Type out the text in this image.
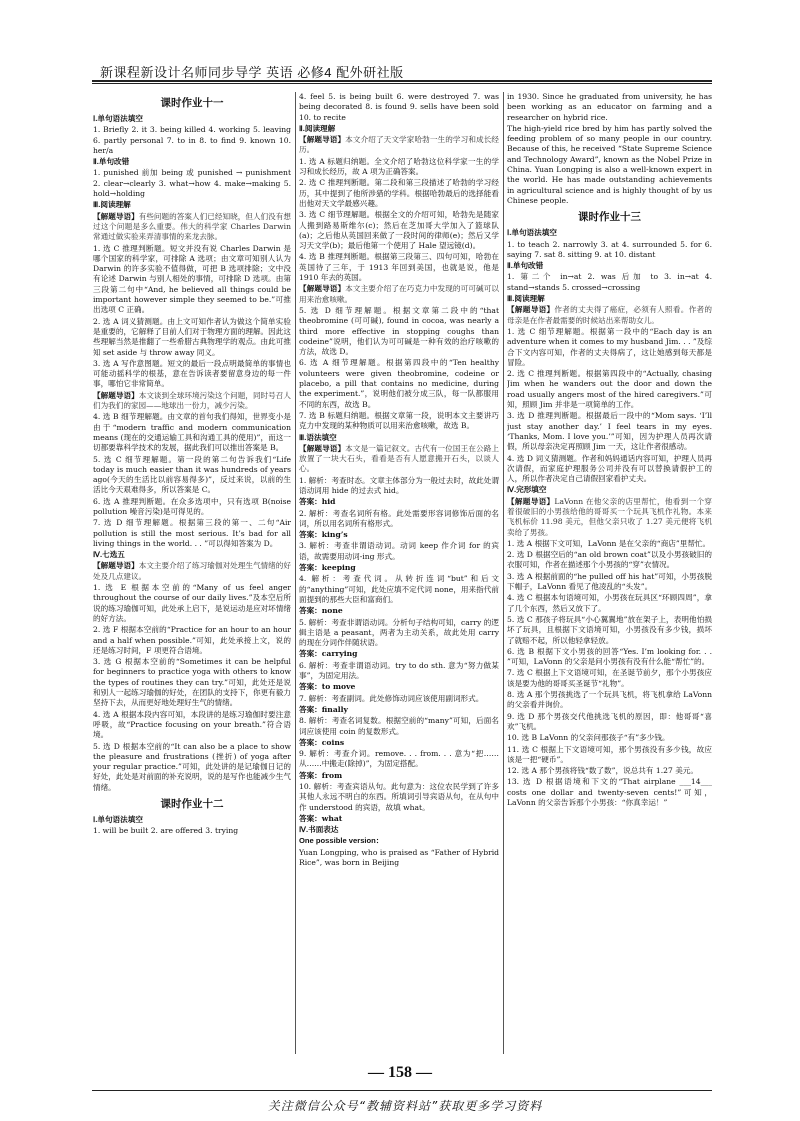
新课程新设计名师同步导学 英语 必修4 配外研社版

课时作业十一

Ⅰ.单句语法填空

1. Briefly 2. it 3. being killed 4. working 5. leaving 6. partly personal 7. to in 8. to find 9. known 10. her/a

Ⅱ.单句改错

1. punished 前加 being 或 punished → punishment 2. clear→clearly 3. what→how 4. make→making 5. hold→holding

Ⅲ.阅读理解

【解题导语】有些问题的答案人们已经知晓，但人们没有想过这个问题是多么重要。伟大的科学家 Charles Darwin 常通过做实验来弄清事情的来龙去脉。

1. 选 C 推理判断题。短文并没有说 Charles Darwin 是哪个国家的科学家，可排除 A 选项；由文章可知别人认为 Darwin 的许多实验不值得做，可把 B 选项排除；文中没有论述 Darwin 与别人相处的事情，可排除 D 选项。由第三段第二句中“And, he believed all things could be important however simple they seemed to be.”可推出选项 C 正确。

2. 选 A 词义猜测题。由上文可知作者认为做这个简单实验是重要的，它解释了目前人们对于物理方面的理解。因此这些理解当然是推翻了一些希腊古典物理学的观点。由此可推知 set aside 与 throw away 同义。

3. 选 A 写作意图题。短文的最后一段点明最简单的事情也可能动摇科学的根基，意在告诉读者要留意身边的每一件事，哪怕它非常简单。

【解题导语】本文谈到全球环境污染这个问题，同时号召人们为我们的家园——地球出一份力，减少污染。

4. 选 B 细节理解题。由文章的首句我们得知，世界变小是由于“modern traffic and modern communication means (现在的交通运输工具和沟通工具的使用)”，而这一切都要靠科学技术的发展，据此我们可以推出答案是 B。

5. 选 C 细节理解题。第一段的第二句告诉我们“Life today is much easier than it was hundreds of years ago(今天的生活比以前容易得多)”，反过来说，以前的生活比今天艰难得多，所以答案是 C。

6. 选 A 推理判断题。在众多选项中，只有选项 B(noise pollution 噪音污染)是可得见的。

7. 选 D 细节理解题。根据第三段的第一、二句“Air pollution is still the most serious. It’s bad for all living things in the world. . . ”可以得知答案为 D。

Ⅳ.七选五

【解题导语】本文主要介绍了练习瑜伽对处理生气情绪的好处及几点建议。

1. 选 E 根据本空前的“Many of us feel anger throughout the course of our daily lives.”及本空后所说的练习瑜伽可知，此处承上启下，是说运动是应对坏情绪的好方法。

2. 选 F 根据本空前的“Practice for an hour to an hour and a half when possible.”可知，此处承接上文，说的还是练习时间，F 项更符合语境。

3. 选 G 根据本空前的“Sometimes it can be helpful for beginners to practice yoga with others to know the types of routines they can try.”可知，此处还是说和别人一起练习瑜伽的好处，在团队的支持下，你更有毅力坚持下去，从而更好地处理好生气的情绪。

4. 选 A 根据本段内容可知，本段讲的是练习瑜伽时要注意呼吸，故“Practice focusing on your breath.”符合语境。

5. 选 D 根据本空前的“It can also be a place to show the pleasure and frustrations (挫折) of yoga after your regular practice.”可知，此处讲的是记瑜伽日记的好处，此处是对前面的补充说明，说的是写作也能减少生气情绪。

课时作业十二

Ⅰ.单句语法填空

1. will be built 2. are offered 3. trying

4. feel 5. is being built 6. were destroyed 7. was being decorated 8. is found 9. sells have been sold 10. to recite

Ⅱ.阅读理解

【解题导语】本文介绍了天文学家哈勃一生的学习和成长经历。

1. 选 A 标题归纳题。全文介绍了哈勃这位科学家一生的学习和成长经历，故 A 项为正确答案。

2. 选 C 推理判断题。第二段和第三段描述了哈勃的学习经历，其中提到了他所涉猎的学科。根据哈勃最后的选择能看出他对天文学最感兴趣。

3. 选 C 细节理解题。根据全文的介绍可知，哈勃先是随家人搬到路易斯维尔(c)；然后在芝加哥大学加入了篮球队(a)；之后他从英国回来做了一段时间的律师(e)；然后又学习天文学(b)；最后他第一个使用了 Hale 望远镜(d)。

4. 选 B 推理判断题。根据第三段第三、四句可知，哈勃在英国待了三年，于 1913 年回到美国，也就是说，他是 1910 年去的英国。

【解题导语】本文主要介绍了在巧克力中发现的可可碱可以用来治愈咳嗽。

5. 选 D 细节理解题。根据文章第二段中的“that theobromine (可可碱), found in cocoa, was nearly a third more effective in stopping coughs than codeine”说明，他们认为可可碱是一种有效的治疗咳嗽的方法，故选 D。

6. 选 A 细节理解题。根据第四段中的“Ten healthy volunteers were given theobromine, codeine or placebo, a pill that contains no medicine, during the experiment.”，说明他们被分成三队，每一队都服用不同的东西，故选 B。

7. 选 B 标题归纳题。根据文章第一段，说明本文主要讲巧克力中发现的某种物质可以用来治愈咳嗽，故选 B。

Ⅲ.语法填空

【解题导语】本文是一篇记叙文。古代有一位国王在公路上放置了一块大石头，看看是否有人愿意搬开石头，以谈人心。

1. 解析：考查时态。文章主体部分为一般过去时，故此处谓语动词用 hide 的过去式 hid。

答案：hid

2. 解析：考查名词所有格。此处需要形容词修饰后面的名词，所以用名词所有格形式。

答案：king’s

3. 解析：考查非谓语动词。动词 keep 作介词 for 的宾语，故需要用动词-ing 形式。

答案：keeping

4. 解析：考查代词。从转折连词“but”和后文的“anything”可知，此处应填不定代词 none，用来指代前面提到的那些大臣和富商们。

答案：none

5. 解析：考查非谓语动词。分析句子结构可知，carry 的逻辑主语是 a peasant，两者为主动关系，故此处用 carry 的现在分词作伴随状语。

答案：carrying

6. 解析：考查非谓语动词。try to do sth. 意为“努力做某事”，为固定用法。

答案：to move

7. 解析：考查副词。此处修饰动词应该使用副词形式。

答案：finally

8. 解析：考查名词复数。根据空前的“many”可知，后面名词应该使用 coin 的复数形式。

答案：coins

9. 解析：考查介词。remove. . . from. . . 意为“把……从……中搬走(除掉)”，为固定搭配。

答案：from

10. 解析：考查宾语从句。此句意为：这位农民学到了许多其他人永远不明白的东西。所填词引导宾语从句，在从句中作 understood 的宾语，故填 what。

答案：what

Ⅳ.书面表达

One possible version：

Yuan Longping, who is praised as “Father of Hybrid Rice”, was born in Beijing

in 1930. Since he graduated from university, he has been working as an educator on farming and a researcher on hybrid rice.

The high-yield rice bred by him has partly solved the feeding problem of so many people in our country. Because of this, he received “State Supreme Science and Technology Award”, known as the Nobel Prize in China. Yuan Longping is also a well-known expert in the world. He has made outstanding achievements in agricultural science and is highly thought of by us Chinese people.

课时作业十三

Ⅰ.单句语法填空

1. to teach 2. narrowly 3. at 4. surrounded 5. for 6. saying 7. sat 8. sitting 9. at 10. distant

Ⅱ.单句改错

1. 第二个 in→at 2. was 后加 to 3. in→at 4. stand→stands 5. crossed→crossing

Ⅲ.阅读理解

【解题导语】作者的丈夫得了癌症，必须有人照看。作者的母亲是在作者最需要的时候站出来帮助女儿。

1. 选 C 细节理解题。根据第一段中的“Each day is an adventure when it comes to my husband Jim. . . ”及综合下文内容可知，作者的丈夫得病了，这让她感到每天都是冒险。

2. 选 C 推理判断题。根据第四段中的“Actually, chasing Jim when he wanders out the door and down the road usually angers most of the hired caregivers.”可知，照顾 Jim 并非是一项简单的工作。

3. 选 D 推理判断题。根据最后一段中的“Mom says. ‘I’ll just stay another day.’ I feel tears in my eyes. ‘Thanks, Mom. I love you.’”可知，因为护理人员再次请假，所以母亲决定再照顾 Jim 一天，这让作者很感动。

4. 选 D 词义猜测题。作者和妈妈通话内容可知，护理人员再次请假，而家庭护理服务公司并没有可以替换请假护工的人，所以作者决定自己请假回家看护丈夫。

Ⅳ.完形填空

【解题导语】LaVonn 在他父亲的店里帮忙，他看到一个穿着很破旧的小男孩给他的哥哥买一个玩具飞机作礼物。本来飞机标价 11.98 美元，但他父亲只收了 1.27 美元便将飞机卖给了男孩。

1. 选 A 根据下文可知，LaVonn 是在父亲的“商店”里帮忙。

2. 选 D 根据空后的“an old brown coat”以及小男孩破旧的衣服可知，作者在描述那个小男孩的“穿”衣情况。

3. 选 A 根据前面的“he pulled off his hat”可知，小男孩脱下帽子，LaVonn 看见了他凌乱的“头发”。

4. 选 C 根据本句语境可知，小男孩在玩具区“环顾四周”，拿了几个东西，然后又放下了。

5. 选 C 那孩子将玩具“小心翼翼地”放在架子上，表明他怕损坏了玩具，且根据下文语境可知，小男孩没有多少钱，损坏了就赔不起，所以他轻拿轻放。

6. 选 B 根据下文小男孩的回答“Yes. I’m looking for. . . ”可知，LaVonn 的父亲是问小男孩有没有什么能“帮忙”的。

7. 选 C 根据上下文语境可知，在圣诞节前夕，那个小男孩应该是要为他的哥哥买圣诞节“礼物”。

8. 选 A 那个男孩挑选了一个玩具飞机，将飞机拿给 LaVonn 的父亲看并询价。

9. 选 D 那个男孩交代他挑选飞机的原因，即：他哥哥“喜欢”飞机。

10. 选 B LaVonn 的父亲问那孩子“有”多少钱。

11. 选 C 根据上下文语境可知，那个男孩没有多少钱，故应该是一把“硬币”。

12. 选 A 那个男孩将钱“数了数”，说总共有 1.27 美元。

13. 选 D 根据语境和下文的“That airplane ___14___ costs one dollar and twenty-seven cents!”可知，LaVonn 的父亲告诉那个小男孩：“你真幸运！”

— 158 —
关注微信公众号“教辅资料站”获取更多学习资料
